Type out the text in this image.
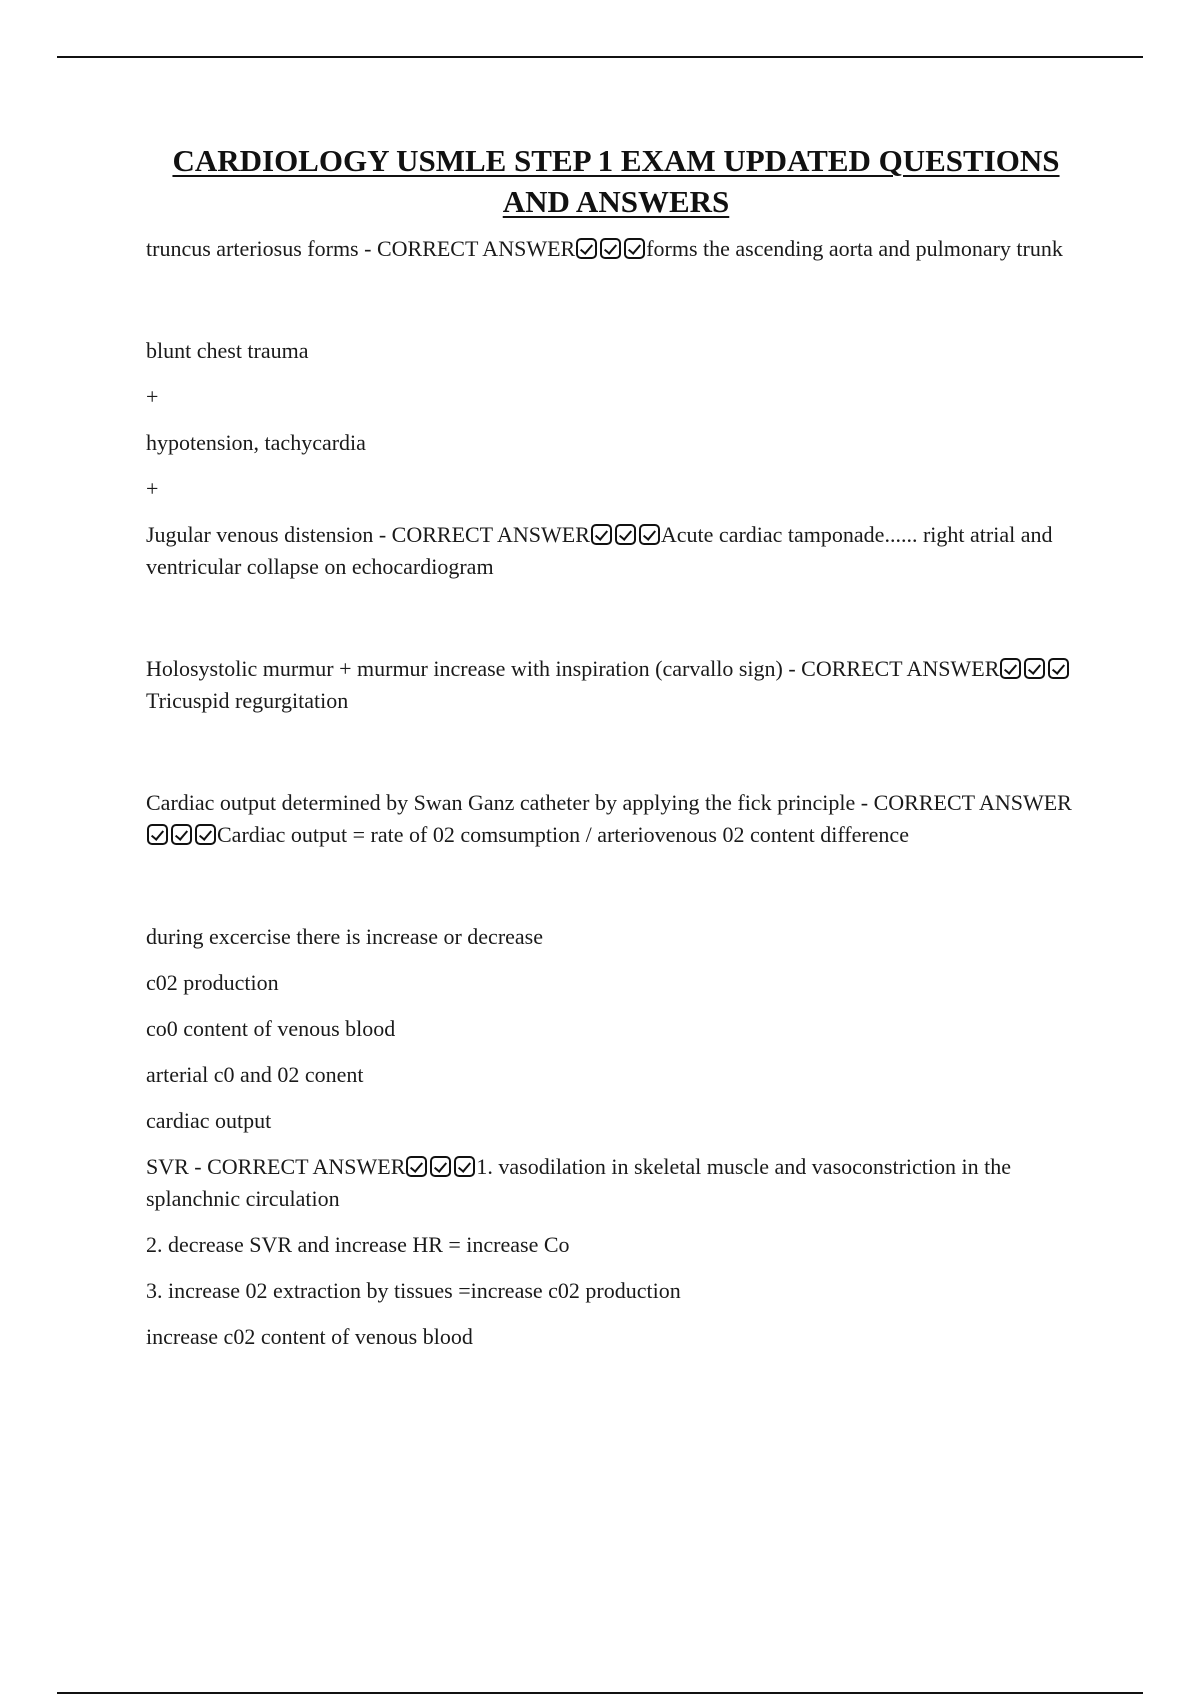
CARDIOLOGY USMLE STEP 1 EXAM UPDATED QUESTIONS
AND ANSWERS

truncus arteriosus forms - CORRECT ANSWER	forms the ascending aorta and pulmonary trunk

blunt chest trauma

+

hypotension, tachycardia

+

Jugular venous distension - CORRECT ANSWER	Acute cardiac tamponade...... right atrial and ventricular collapse on echocardiogram

Holosystolic murmur + murmur increase with inspiration (carvallo sign) - CORRECT ANSWER
Tricuspid regurgitation

Cardiac output determined by Swan Ganz catheter by applying the fick principle - CORRECT ANSWER
Cardiac output = rate of 02 comsumption / arteriovenous 02 content difference

during excercise there is increase or decrease

c02 production

co0 content of venous blood

arterial c0 and 02 conent

cardiac output

SVR - CORRECT ANSWER	1. vasodilation in skeletal muscle and vasoconstriction in the splanchnic circulation

2. decrease SVR and increase HR = increase Co

3. increase 02 extraction by tissues =increase c02 production

increase c02 content of venous blood
